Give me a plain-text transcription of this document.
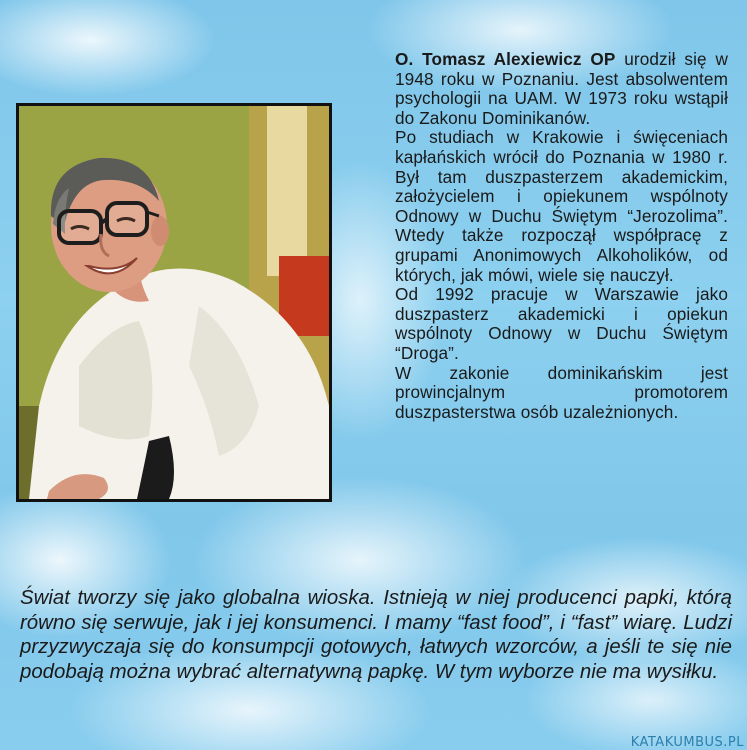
O. Tomasz Alexiewicz OP urodził się w 1948 roku w Poznaniu. Jest absolwentem psychologii na UAM. W 1973 roku wstąpił do Zakonu Dominikanów.

Po studiach w Krakowie i święceniach kapłańskich wrócił do Poznania w 1980 r. Był tam duszpasterzem akademickim, założycielem i opiekunem wspólnoty Odnowy w Duchu Świętym “Jerozolima”. Wtedy także rozpoczął współpracę z grupami Anonimowych Alkoholików, od których, jak mówi, wiele się nauczył.

Od 1992 pracuje w Warszawie jako duszpasterz akademicki i opiekun wspólnoty Odnowy w Duchu Świętym “Droga”.

W zakonie dominikańskim jest prowincjalnym promotorem duszpasterstwa osób uzależnionych.

Świat tworzy się jako globalna wioska. Istnieją w niej producenci papki, którą równo się serwuje, jak i jej konsumenci. I mamy “fast food”, i “fast” wiarę. Ludzi przyzwyczaja się do konsumpcji gotowych, łatwych wzorców, a jeśli te się nie podobają można wybrać alternatywną papkę. W tym wyborze nie ma wysiłku.

KATAKUMBUS.PL
